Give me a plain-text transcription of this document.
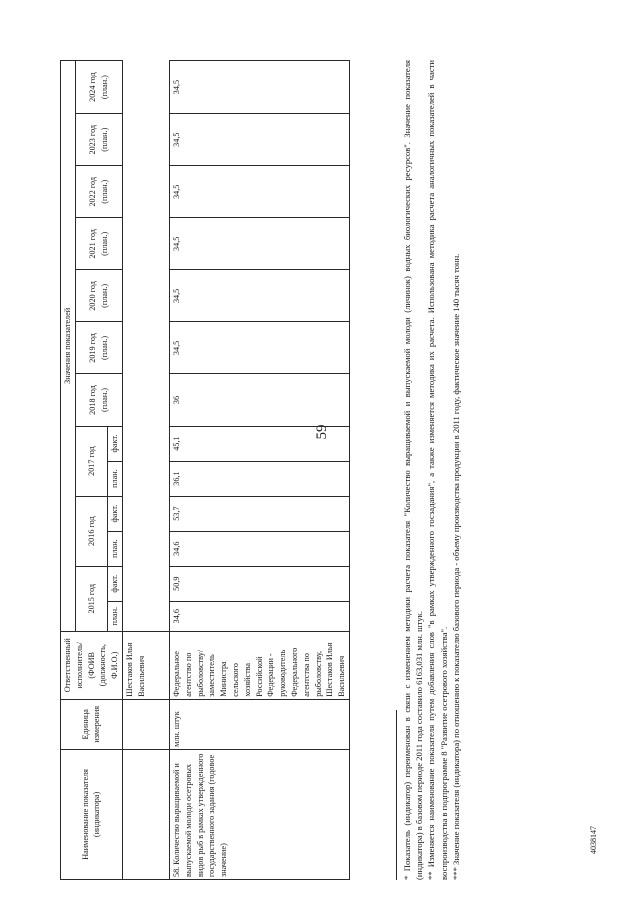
59
4038147
Наименование показателя (индикатора)	Единица измерения	Ответственный исполнитель/ (ФОИВ (должность, Ф.И.О.)	Значения показателей												
			2015 год		2016 год		2017 год		2018 год (план.)	2019 год (план.)	2020 год (план.)	2021 год (план.)	2022 год (план.)	2023 год (план.)	2024 год (план.)
			план.	факт.	план.	факт.	план.	факт.							
		Шестаков Илья Васильевич													
58. Количество выращиваемой и выпускаемой молоди осетровых видов рыб в рамках утвержденного государственного задания (годовое значение)	млн. штук	Федеральное агентство по рыболовству/ заместитель Министра сельского хозяйства Российской Федерации - руководитель Федерального агентства по рыболовству, Шестаков Илья Васильевич	34,6	50,9	34,6	53,7	36,1	45,1	36	34,5	34,5	34,5	34,5	34,5	34,5	* Показатель (индикатор) переименован в связи с изменением методики расчета показателя "Количество выращиваемой и выпускаемой молоди (личинок) водных биологических ресурсов". Значение показателя (индикатора) в базовом периоде 2011 года составило 6163,031 млн. штук. ** Изменяется наименование показателя путем добавления слов "в рамках утвержденного госзадания", а также изменяется методика их расчета. Использована методика расчета аналогичных показателей в части воспроизводства в подпрограмме 8 "Развитие осетрового хозяйства". *** Значение показателя (индикатора) по отношению к показателю базового периода - объему производства продукции в 2011 году, фактическое значение 140 тысяч тонн.
